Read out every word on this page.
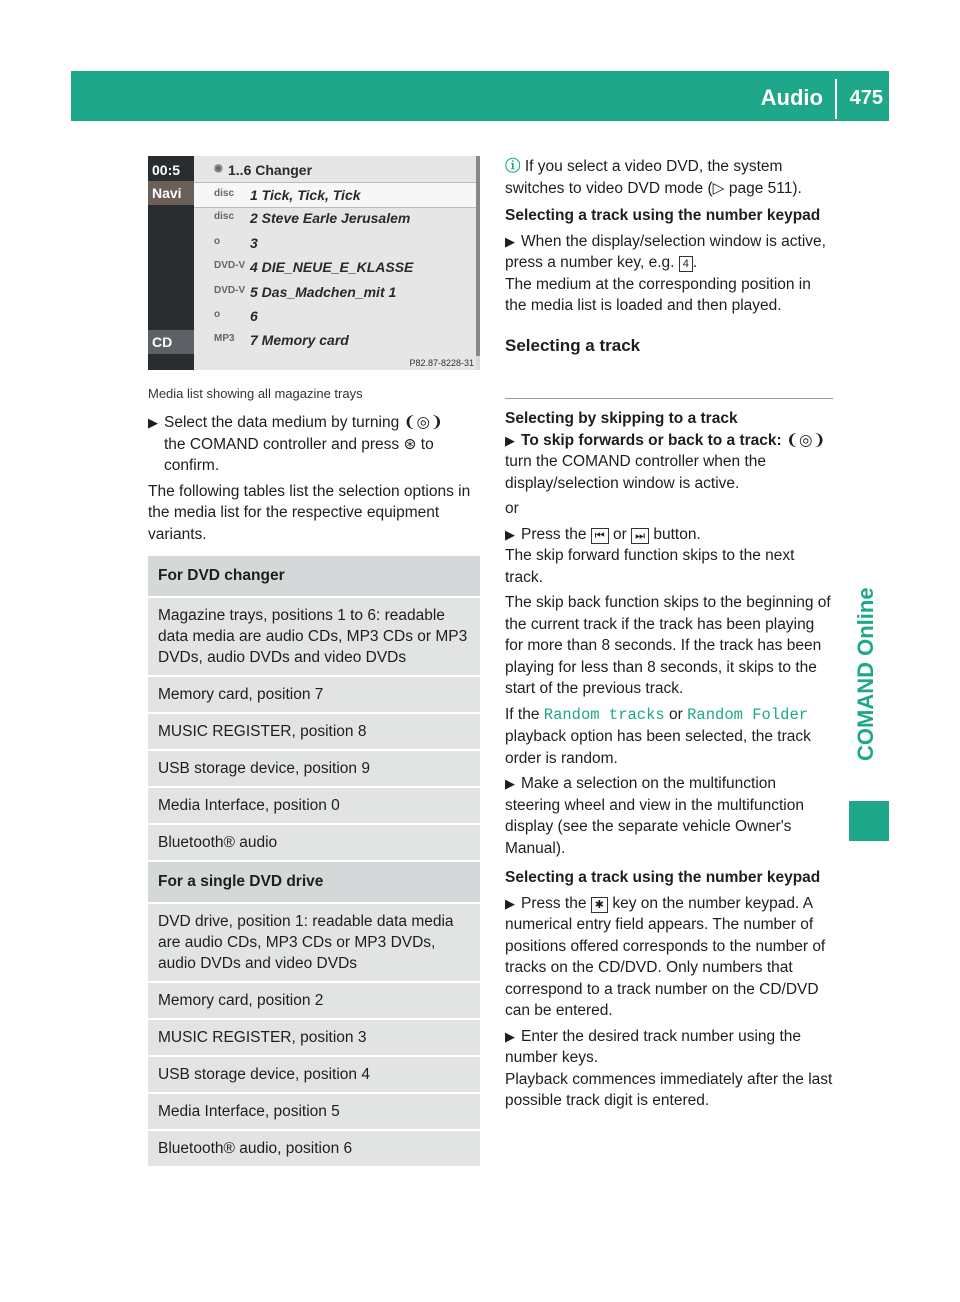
Audio 475
COMAND Online
00:5
Navi
CD
◉ 1..6 Changer
disc 1 Tick, Tick, Tick
disc 2 Steve Earle Jerusalem
o 3
DVD-V 4 DIE_NEUE_E_KLASSE
DVD-V 5 Das_Madchen_mit 1
o 6
MP3 7 Memory card
P82.87-8228-31
Media list showing all magazine trays
▶ Select the data medium by turning ❨◎❩
the COMAND controller and press ⊛ to
confirm.
The following tables list the selection options in the media list for the respective equipment variants.
For DVD changer
Magazine trays, positions 1 to 6: readable data media are audio CDs, MP3 CDs or MP3 DVDs, audio DVDs and video DVDs
Memory card, position 7
MUSIC REGISTER, position 8
USB storage device, position 9
Media Interface, position 0
Bluetooth® audio
For a single DVD drive
DVD drive, position 1: readable data media are audio CDs, MP3 CDs or MP3 DVDs, audio DVDs and video DVDs
Memory card, position 2
MUSIC REGISTER, position 3
USB storage device, position 4
Media Interface, position 5
Bluetooth® audio, position 6
ⓘ If you select a video DVD, the system switches to video DVD mode (▷ page 511).
Selecting a track using the number keypad
▶ When the display/selection window is active, press a number key, e.g. 4 .
The medium at the corresponding position in the media list is loaded and then played.
Selecting a track
Selecting by skipping to a track
▶ To skip forwards or back to a track: ❨◎❩ turn the COMAND controller when the display/selection window is active.
or
▶ Press the ⏮ or ⏭ button.
The skip forward function skips to the next track.
The skip back function skips to the beginning of the current track if the track has been playing for more than 8 seconds. If the track has been playing for less than 8 seconds, it skips to the start of the previous track.
If the Random tracks or Random Folder playback option has been selected, the track order is random.
▶ Make a selection on the multifunction steering wheel and view in the multifunction display (see the separate vehicle Owner's Manual).
Selecting a track using the number keypad
▶ Press the ✱ key on the number keypad. A numerical entry field appears. The number of positions offered corresponds to the number of tracks on the CD/DVD. Only numbers that correspond to a track number on the CD/DVD can be entered.
▶ Enter the desired track number using the number keys.
Playback commences immediately after the last possible track digit is entered.
